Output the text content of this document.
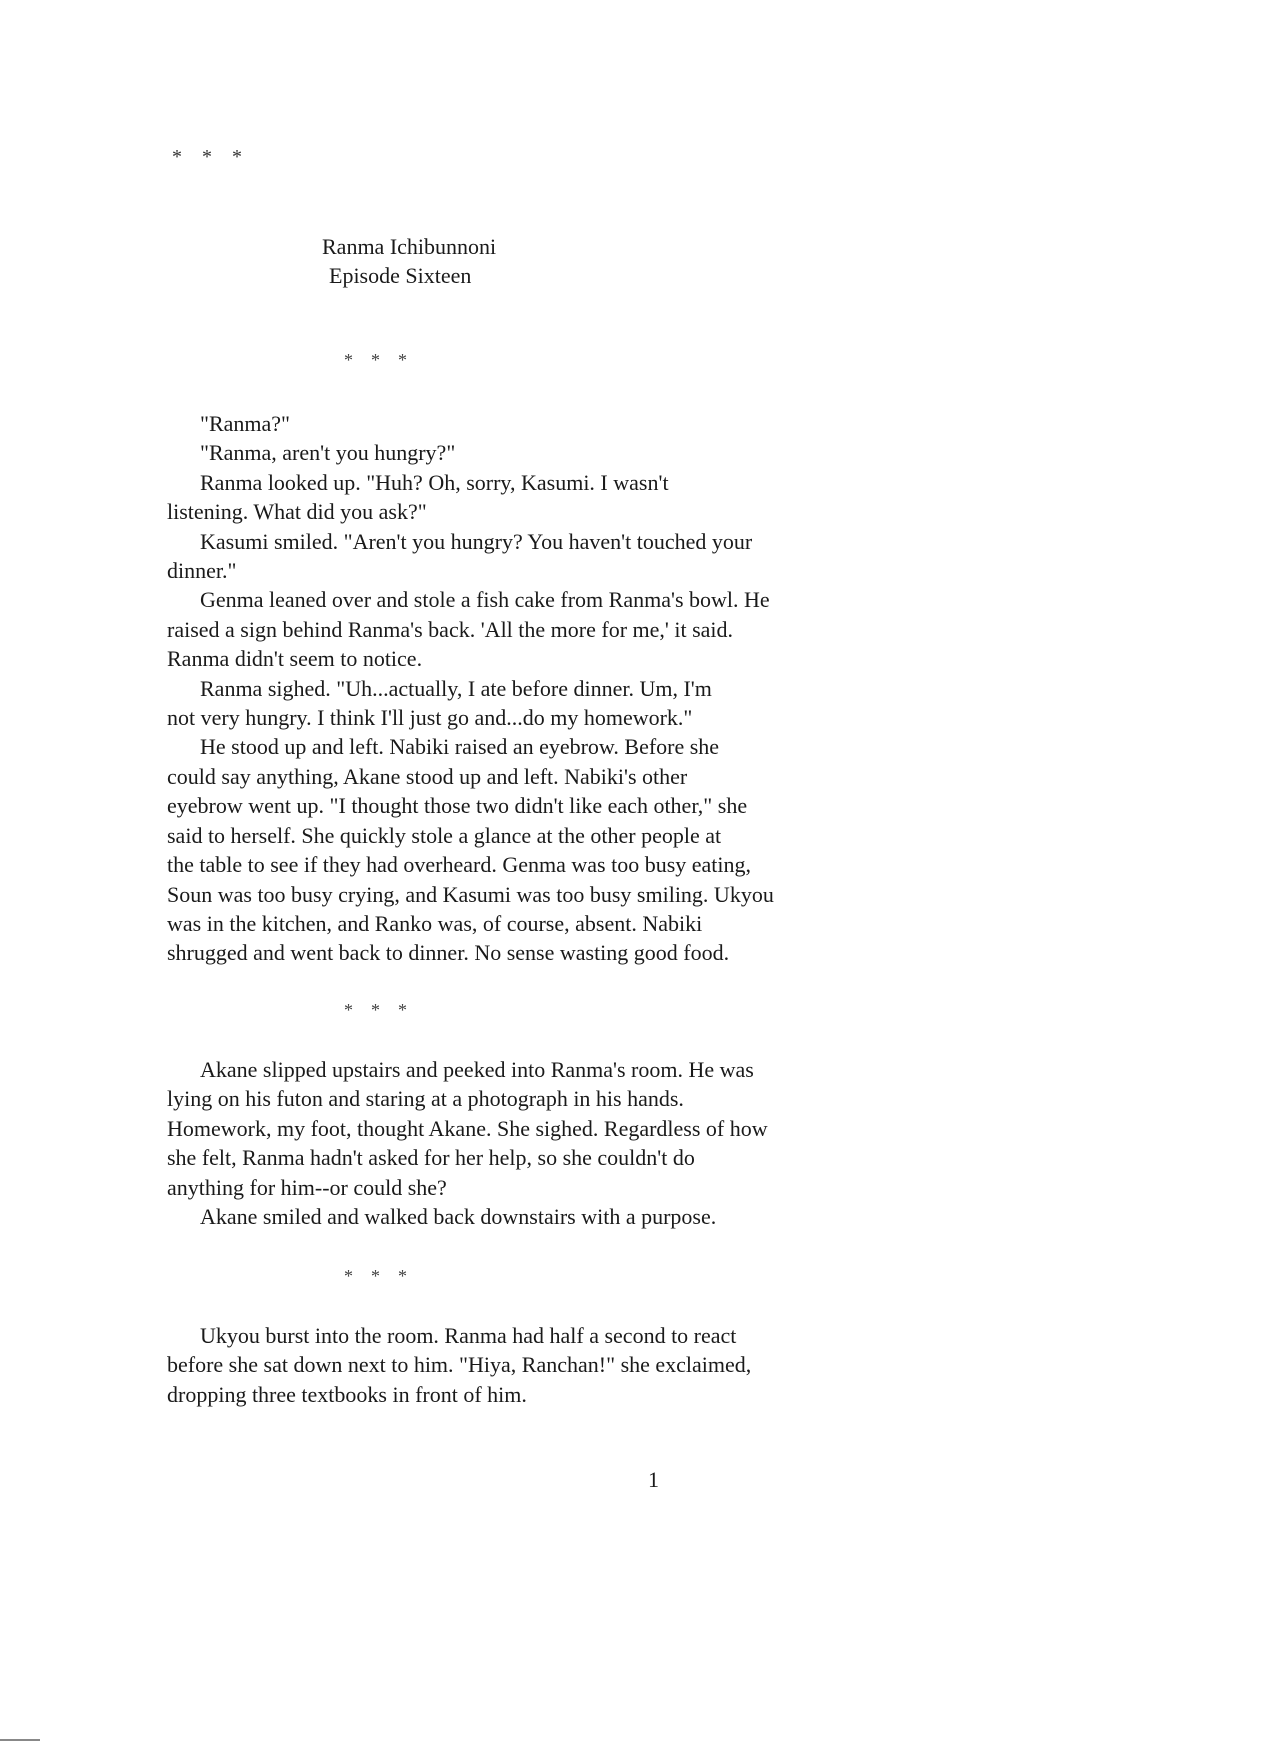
*    *    *
Ranma Ichibunnoni
Episode Sixteen
*    *    *
"Ranma?"
"Ranma, aren't you hungry?"
Ranma looked up. "Huh? Oh, sorry, Kasumi. I wasn't
listening. What did you ask?"
Kasumi smiled. "Aren't you hungry? You haven't touched your
dinner."
Genma leaned over and stole a fish cake from Ranma's bowl. He
raised a sign behind Ranma's back. 'All the more for me,' it said.
Ranma didn't seem to notice.
Ranma sighed. "Uh...actually, I ate before dinner. Um, I'm
not very hungry. I think I'll just go and...do my homework."
He stood up and left. Nabiki raised an eyebrow. Before she
could say anything, Akane stood up and left. Nabiki's other
eyebrow went up. "I thought those two didn't like each other," she
said to herself. She quickly stole a glance at the other people at
the table to see if they had overheard. Genma was too busy eating,
Soun was too busy crying, and Kasumi was too busy smiling. Ukyou
was in the kitchen, and Ranko was, of course, absent. Nabiki
shrugged and went back to dinner. No sense wasting good food.
*    *    *
Akane slipped upstairs and peeked into Ranma's room. He was
lying on his futon and staring at a photograph in his hands.
Homework, my foot, thought Akane. She sighed. Regardless of how
she felt, Ranma hadn't asked for her help, so she couldn't do
anything for him--or could she?
Akane smiled and walked back downstairs with a purpose.
*    *    *
Ukyou burst into the room. Ranma had half a second to react
before she sat down next to him. "Hiya, Ranchan!" she exclaimed,
dropping three textbooks in front of him.
1
